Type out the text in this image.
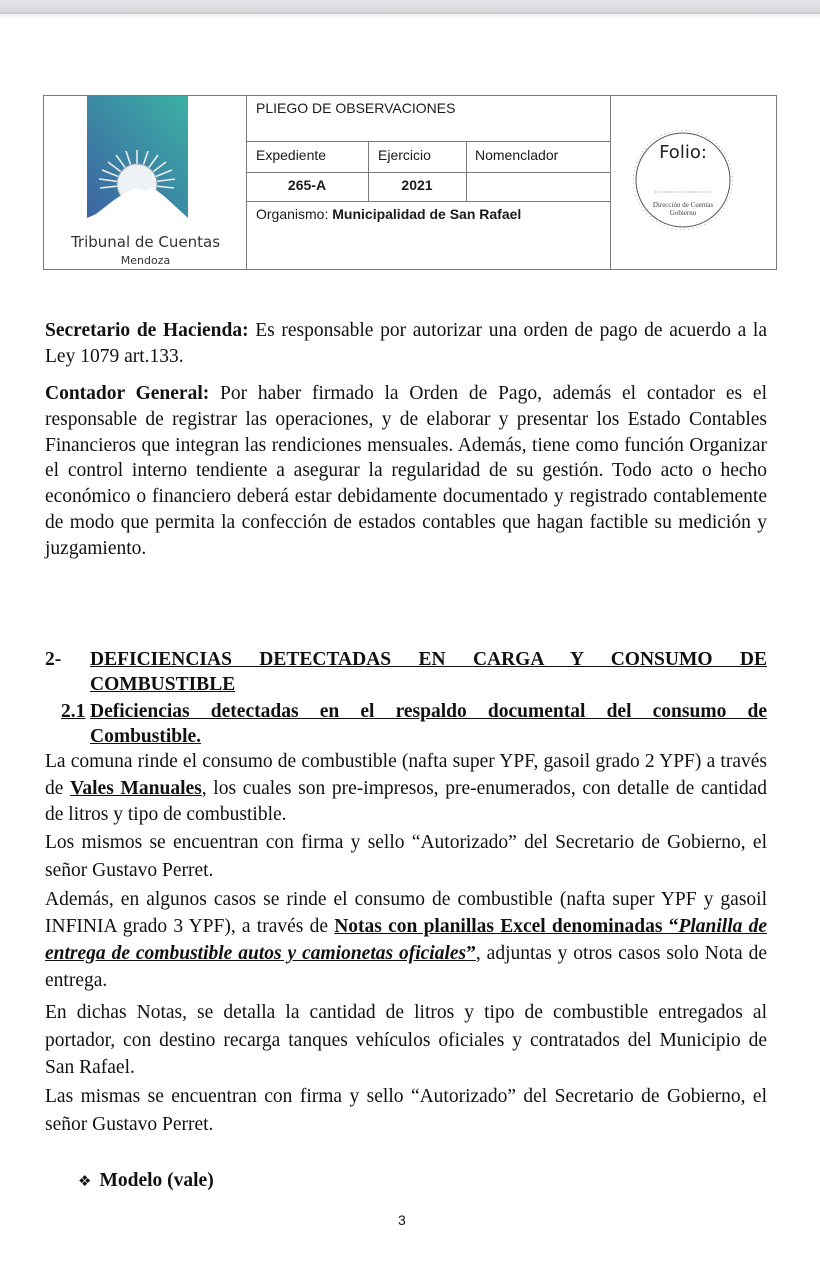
Tribunal de Cuentas
Mendoza
PLIEGO DE OBSERVACIONES
Expediente	Ejercicio	Nomenclador
265-A	2021
Organismo: Municipalidad de San Rafael
Folio:
Dirección de Cuentas
Gobierno
Secretario de Hacienda: Es responsable por autorizar una orden de pago de acuerdo a la Ley 1079 art.133.
Contador General: Por haber firmado la Orden de Pago, además el contador es el responsable de registrar las operaciones, y de elaborar y presentar los Estado Contables Financieros que integran las rendiciones mensuales. Además, tiene como función Organizar el control interno tendiente a asegurar la regularidad de su gestión. Todo acto o hecho económico o financiero deberá estar debidamente documentado y registrado contablemente de modo que permita la confección de estados contables que hagan factible su medición y juzgamiento.
2- DEFICIENCIAS DETECTADAS EN CARGA Y CONSUMO DE
COMBUSTIBLE
2.1 Deficiencias detectadas en el respaldo documental del consumo de
Combustible.
La comuna rinde el consumo de combustible (nafta super YPF, gasoil grado 2 YPF) a través de Vales Manuales, los cuales son pre-impresos, pre-enumerados, con detalle de cantidad de litros y tipo de combustible.
Los mismos se encuentran con firma y sello “Autorizado” del Secretario de Gobierno, el señor Gustavo Perret.
Además, en algunos casos se rinde el consumo de combustible (nafta super YPF y gasoil INFINIA grado 3 YPF), a través de Notas con planillas Excel denominadas “Planilla de entrega de combustible autos y camionetas oficiales”, adjuntas y otros casos solo Nota de entrega.
En dichas Notas, se detalla la cantidad de litros y tipo de combustible entregados al portador, con destino recarga tanques vehículos oficiales y contratados del Municipio de San Rafael.
Las mismas se encuentran con firma y sello “Autorizado” del Secretario de Gobierno, el señor Gustavo Perret.
❖ Modelo (vale)
3
